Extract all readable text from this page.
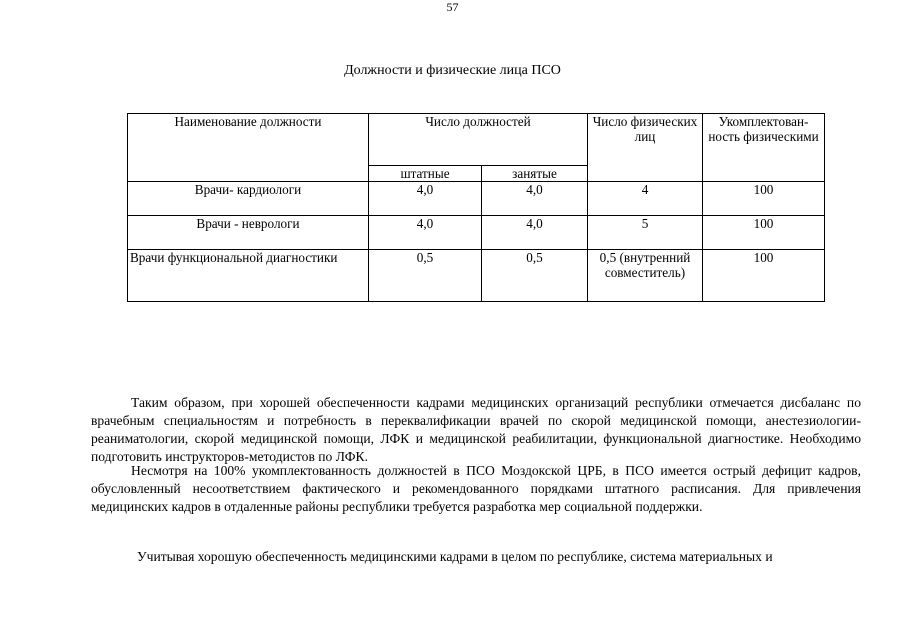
57
Должности и физические лица ПСО
Наименование должности	Число должностей		Число физических лиц	Укомплектован-ность физическими
	штатные	занятые		
Врачи- кардиологи	4,0	4,0	4	100
Врачи - неврологи	4,0	4,0	5	100
Врачи функциональной диагностики	0,5	0,5	0,5 (внутренний совместитель)	100

Таким образом, при хорошей обеспеченности кадрами медицинских организаций республики отмечается дисбаланс по врачебным специальностям и потребность в переквалификации врачей по скорой медицинской помощи, анестезиологии-реаниматологии, скорой медицинской помощи, ЛФК и медицинской реабилитации, функциональной диагностике. Необходимо подготовить инструкторов-методистов по ЛФК.

Несмотря на 100% укомплектованность должностей в ПСО Моздокской ЦРБ, в ПСО имеется острый дефицит кадров, обусловленный несоответствием фактического и рекомендованного порядками штатного расписания. Для привлечения медицинских кадров в отдаленные районы республики требуется разработка мер социальной поддержки.

Учитывая хорошую обеспеченность медицинскими кадрами в целом по республике, система материальных и
